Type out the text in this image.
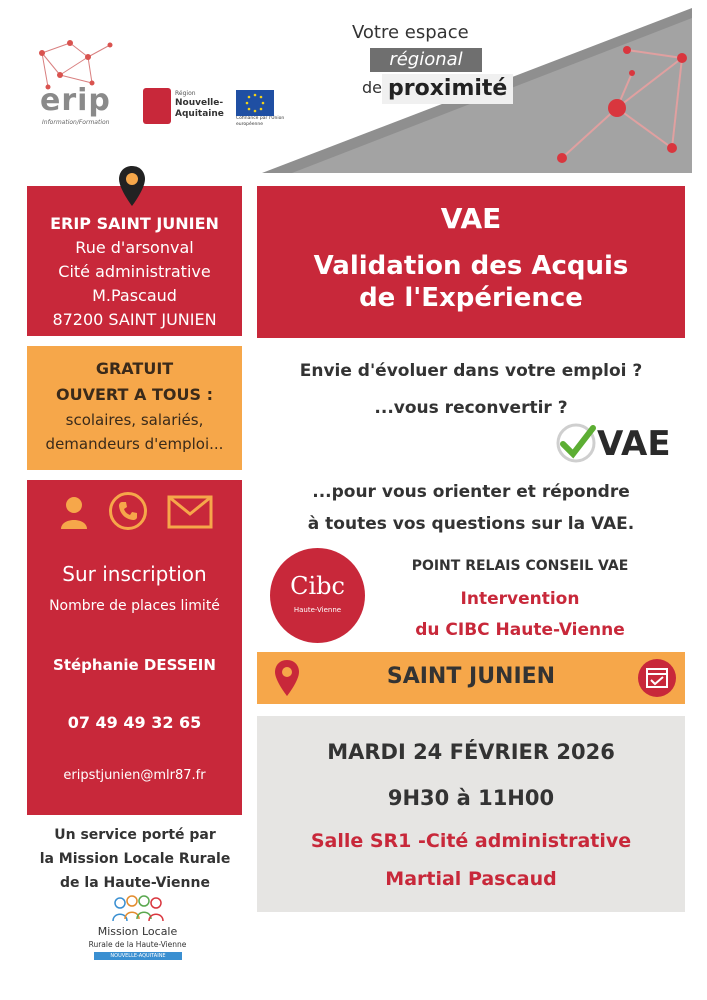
erip
Information/Formation
Région
Nouvelle-Aquitaine	Cofinancé par l'Union européenne
Votre espace
régional
de proximité
ERIP SAINT JUNIEN
Rue d'arsonval
Cité administrative
M.Pascaud
87200 SAINT JUNIEN
GRATUIT
OUVERT A TOUS :
scolaires, salariés,
demandeurs d'emploi...
Sur inscription
Nombre de places limité
Stéphanie DESSEIN
07 49 49 32 65
eripstjunien@mlr87.fr
Un service porté par
la Mission Locale Rurale
de la Haute-Vienne
Mission Locale
Rurale de la Haute-Vienne
NOUVELLE-AQUITAINE
VAE
Validation des Acquis
de l'Expérience
Envie d'évoluer dans votre emploi ?
...vous reconvertir ?
VAE
...pour vous orienter et répondre
à toutes vos questions sur la VAE.
Cibc
Haute-Vienne
POINT RELAIS CONSEIL VAE
Intervention
du CIBC Haute-Vienne
SAINT JUNIEN
MARDI 24 FÉVRIER 2026
9H30 à 11H00
Salle SR1 -Cité administrative
Martial Pascaud
